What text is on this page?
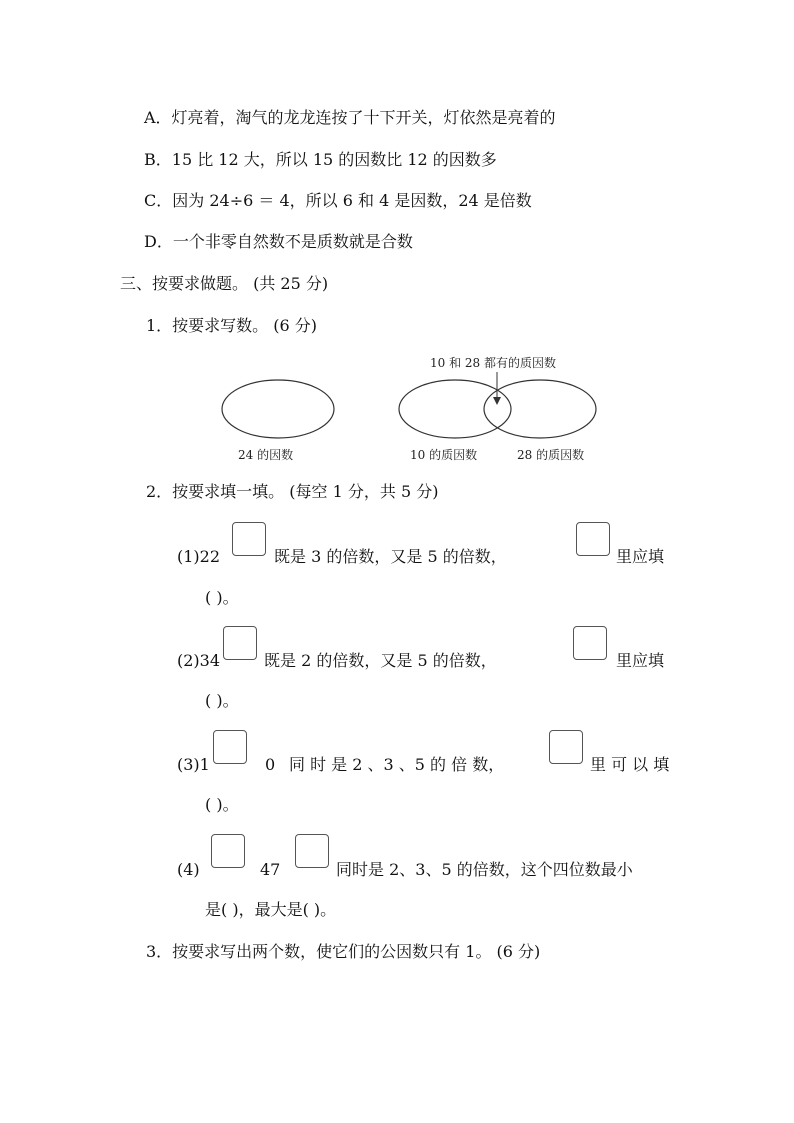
A．灯亮着，淘气的龙龙连按了十下开关，灯依然是亮着的
B．15 比 12 大，所以 15 的因数比 12 的因数多
C．因为 24÷6 ＝ 4，所以 6 和 4 是因数，24 是倍数
D．一个非零自然数不是质数就是合数
三、按要求做题。 (共 25 分)
1．按要求写数。 (6 分)
10 和 28 都有的质因数
24 的因数	10 的质因数	28 的质因数
2．按要求填一填。 (每空 1 分，共 5 分)
(1)22	既是 3 的倍数，又是 5 的倍数，	里应填
( )。
(2)34	既是 2 的倍数，又是 5 的倍数，	里应填
( )。
(3)1	0 同 时 是 2 、3 、5 的 倍 数，	里 可 以 填
( )。
(4)	47	同时是 2、3、5 的倍数，这个四位数最小
是( )，最大是( )。
3．按要求写出两个数，使它们的公因数只有 1。 (6 分)
